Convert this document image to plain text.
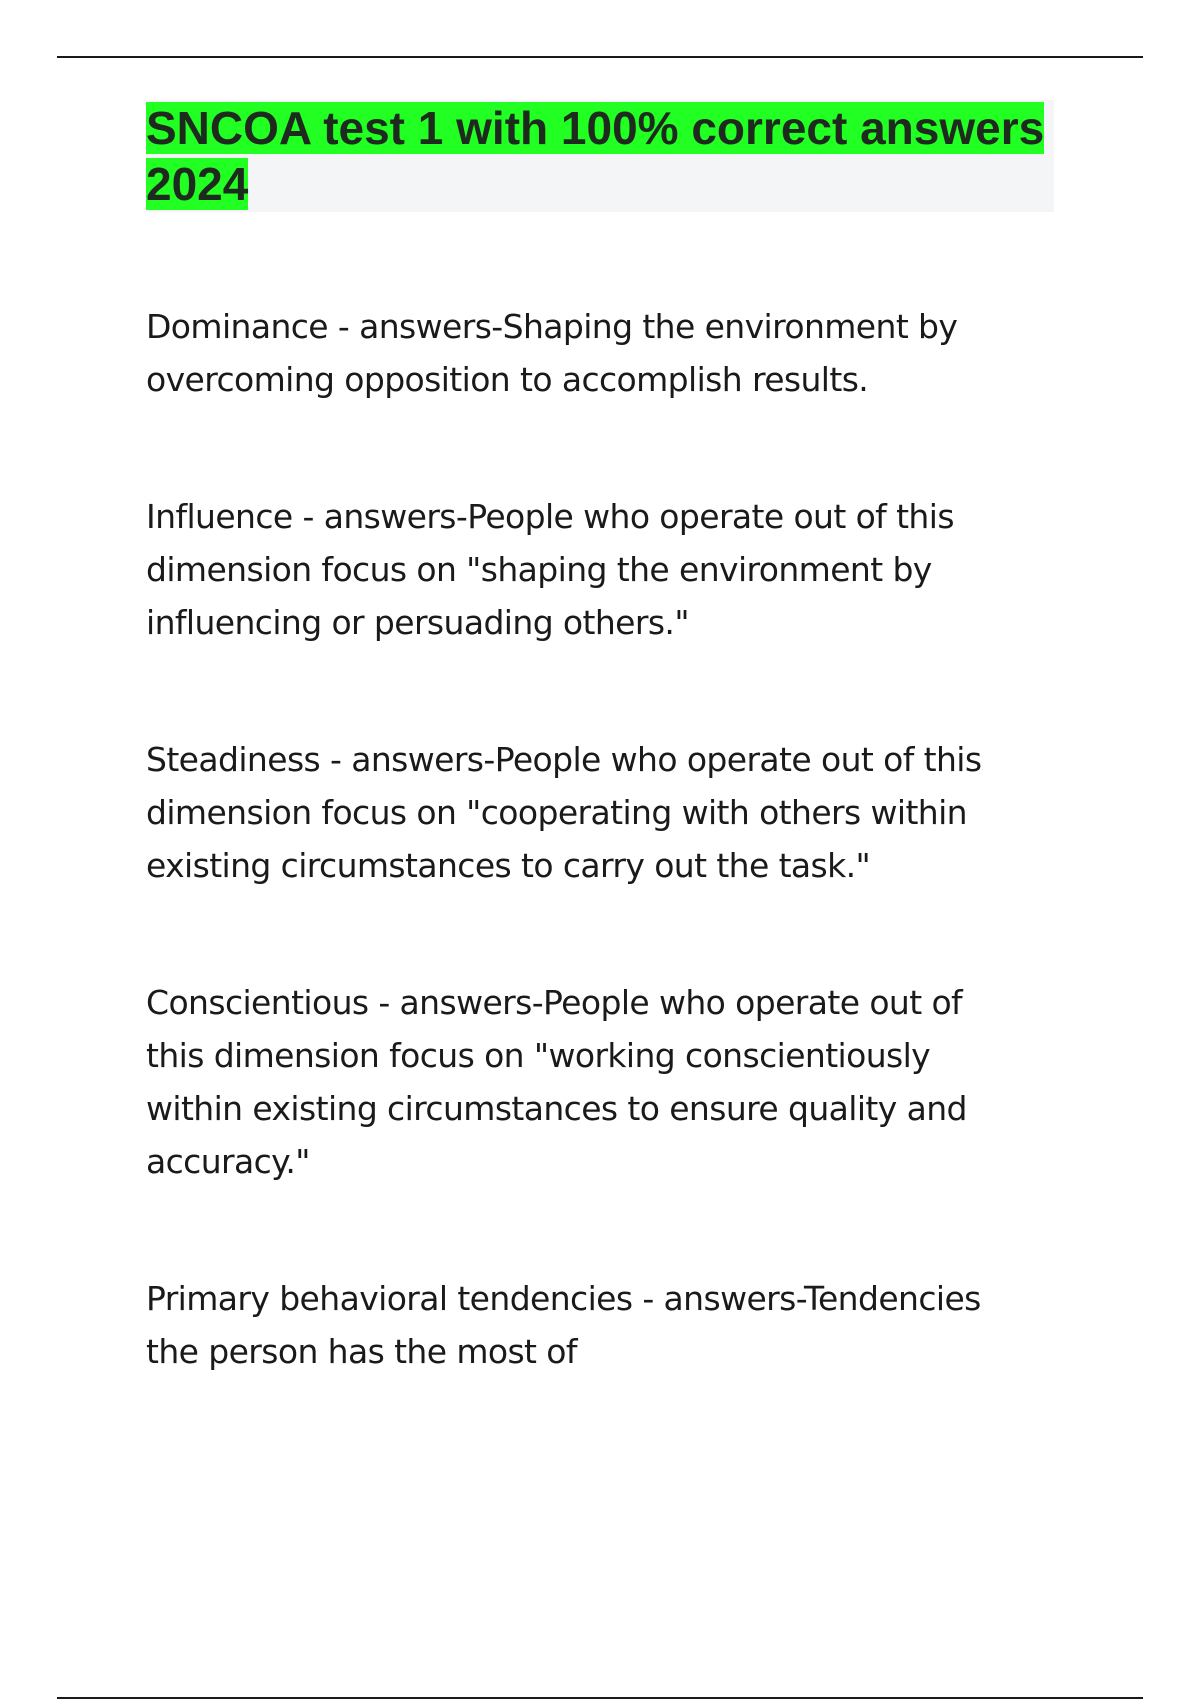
SNCOA test 1 with 100% correct answers 2024

Dominance - answers-Shaping the environment by overcoming opposition to accomplish results.

Influence - answers-People who operate out of this dimension focus on "shaping the environment by influencing or persuading others."

Steadiness - answers-People who operate out of this dimension focus on "cooperating with others within existing circumstances to carry out the task."

Conscientious - answers-People who operate out of this dimension focus on "working conscientiously within existing circumstances to ensure quality and accuracy."

Primary behavioral tendencies - answers-Tendencies the person has the most of
